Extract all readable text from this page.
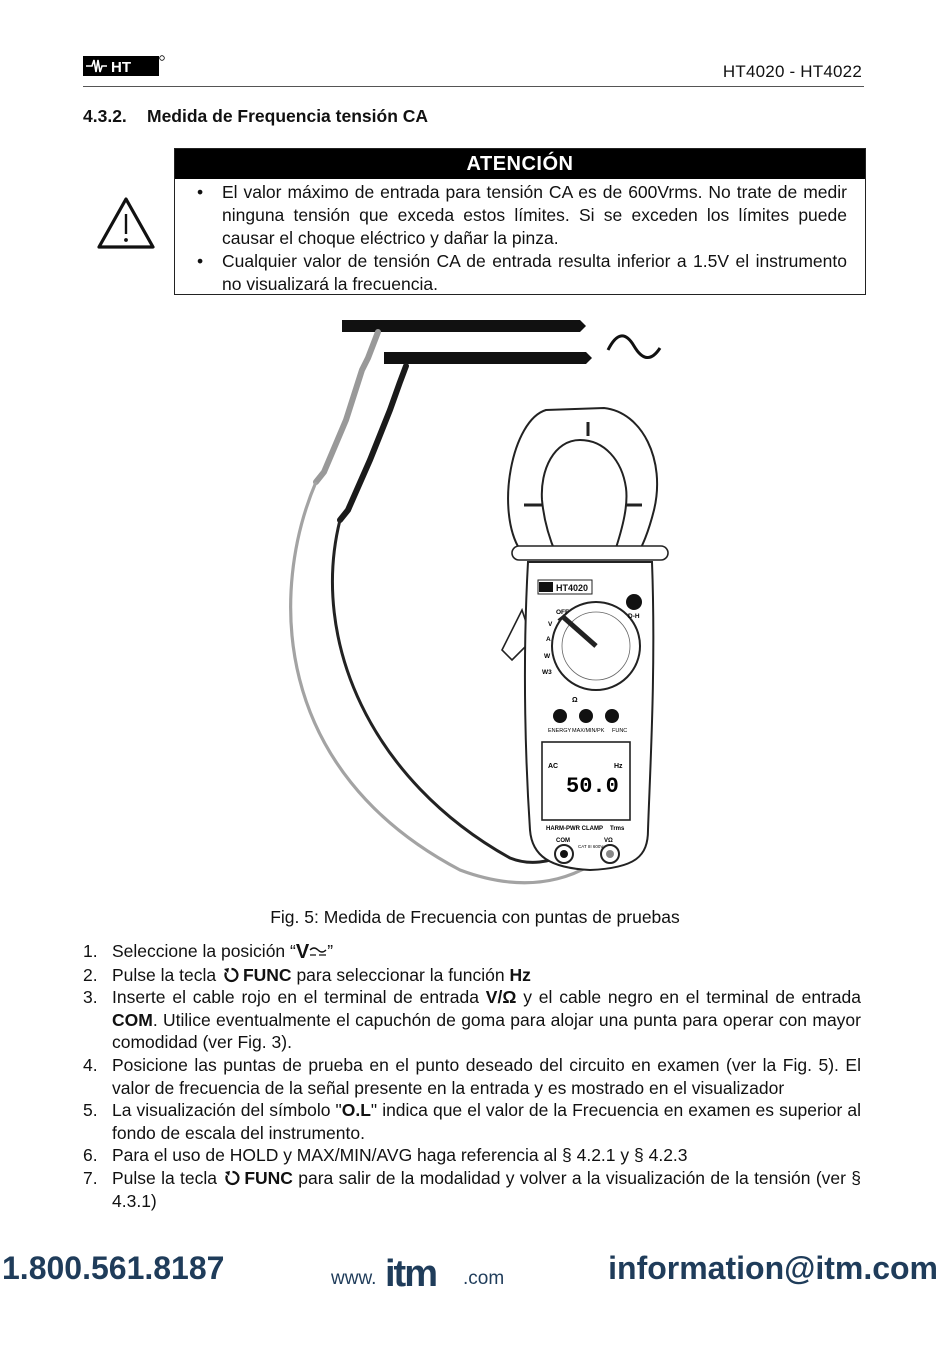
HT	HT4020 - HT4022
4.3.2. Medida de Frequencia tensión CA
ATENCIÓN
• El valor máximo de entrada para tensión CA es de 600Vrms. No trate de medir ninguna tensión que exceda estos límites. Si se exceden los límites puede causar el choque eléctrico y dañar la pinza.
• Cualquier valor de tensión CA de entrada resulta inferior a 1.5V el instrumento no visualizará la frecuencia.
HT4020
OFF
D-H
V
A
W
W3
Ω
ENERGY MAX/MIN/PK FUNC
AC	Hz
50.0
HARM-PWR CLAMP Trms
COM	VΩ
CAT III 600V
Fig. 5: Medida de Frecuencia con puntas de pruebas
1. Seleccione la posición “V ”
2. Pulse la tecla FUNC para seleccionar la función Hz
3. Inserte el cable rojo en el terminal de entrada V/Ω y el cable negro en el terminal de entrada COM. Utilice eventualmente el capuchón de goma para alojar una punta para operar con mayor comodidad (ver Fig. 3).
4. Posicione las puntas de prueba en el punto deseado del circuito en examen (ver la Fig. 5). El valor de frecuencia de la señal presente en la entrada y es mostrado en el visualizador
5. La visualización del símbolo "O.L" indica que el valor de la Frecuencia en examen es superior al fondo de escala del instrumento.
6. Para el uso de HOLD y MAX/MIN/AVG haga referencia al § 4.2.1 y § 4.2.3
7. Pulse la tecla FUNC para salir de la modalidad y volver a la visualización de la tensión (ver § 4.3.1)
1.800.561.8187	www. itm .com	information@itm.com
